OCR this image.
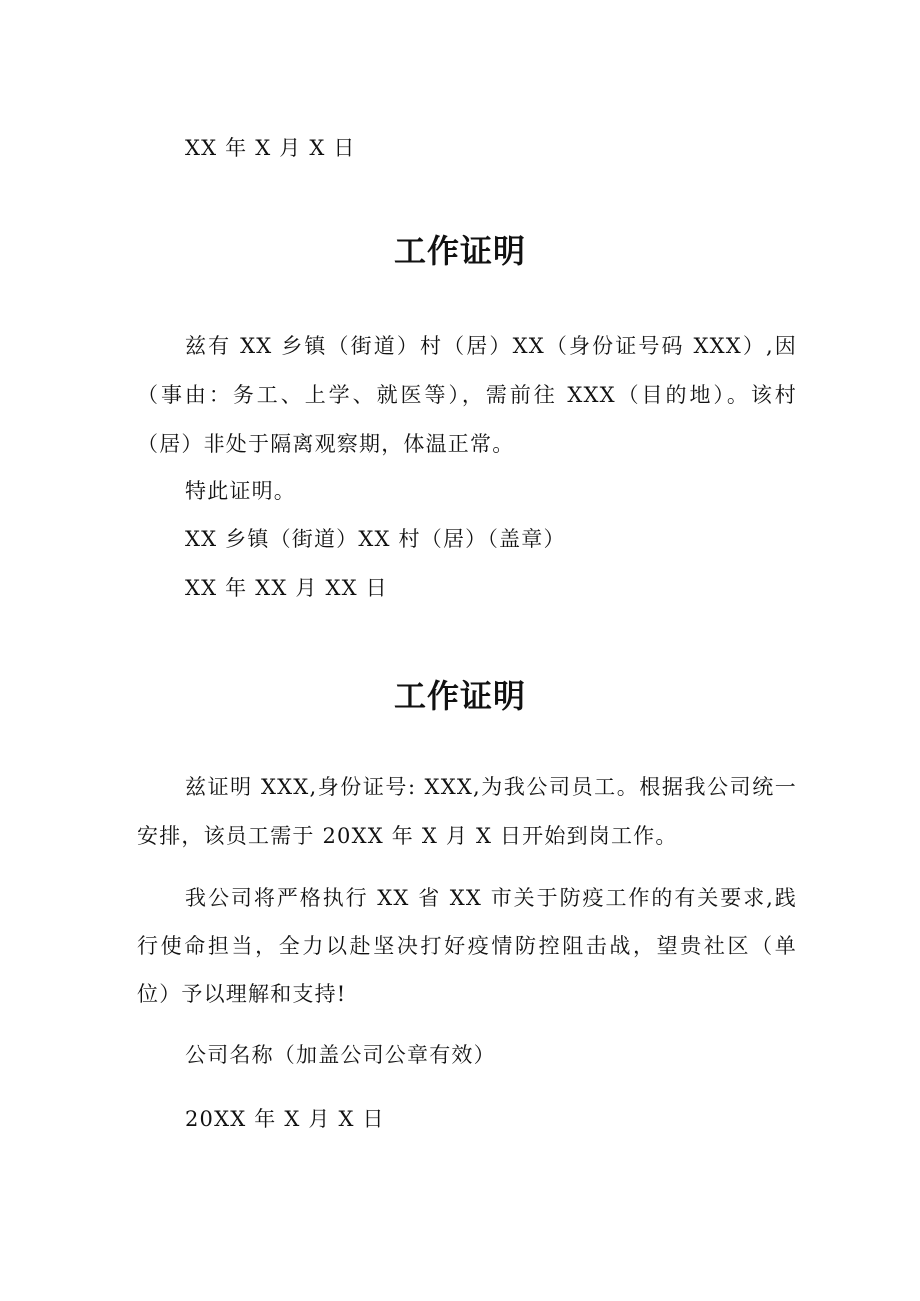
XX 年 X 月 X 日
工作证明
兹有 XX 乡镇（街道）村（居）XX（身份证号码 XXX）,因
（事由：务工、上学、就医等），需前往 XXX（目的地）。该村
（居）非处于隔离观察期，体温正常。
特此证明。
XX 乡镇（街道）XX 村（居）（盖章）
XX 年 XX 月 XX 日
工作证明
兹证明 XXX,身份证号: XXX,为我公司员工。根据我公司统一
安排，该员工需于 20XX 年 X 月 X 日开始到岗工作。
我公司将严格执行 XX 省 XX 市关于防疫工作的有关要求,践
行使命担当，全力以赴坚决打好疫情防控阻击战，望贵社区（单
位）予以理解和支持!
公司名称（加盖公司公章有效）
20XX 年 X 月 X 日
